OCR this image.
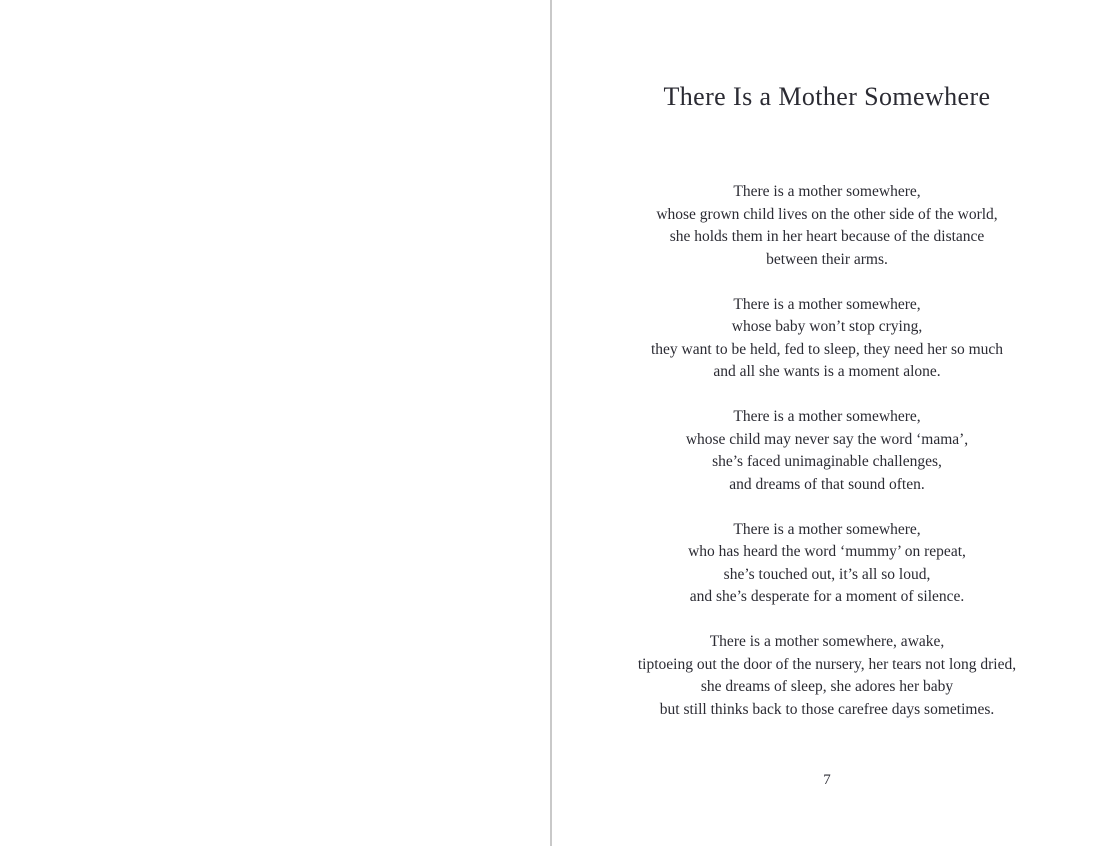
There Is a Mother Somewhere
There is a mother somewhere,
whose grown child lives on the other side of the world,
she holds them in her heart because of the distance
between their arms.
There is a mother somewhere,
whose baby won’t stop crying,
they want to be held, fed to sleep, they need her so much
and all she wants is a moment alone.
There is a mother somewhere,
whose child may never say the word ‘mama’,
she’s faced unimaginable challenges,
and dreams of that sound often.
There is a mother somewhere,
who has heard the word ‘mummy’ on repeat,
she’s touched out, it’s all so loud,
and she’s desperate for a moment of silence.
There is a mother somewhere, awake,
tiptoeing out the door of the nursery, her tears not long dried,
she dreams of sleep, she adores her baby
but still thinks back to those carefree days sometimes.
7
